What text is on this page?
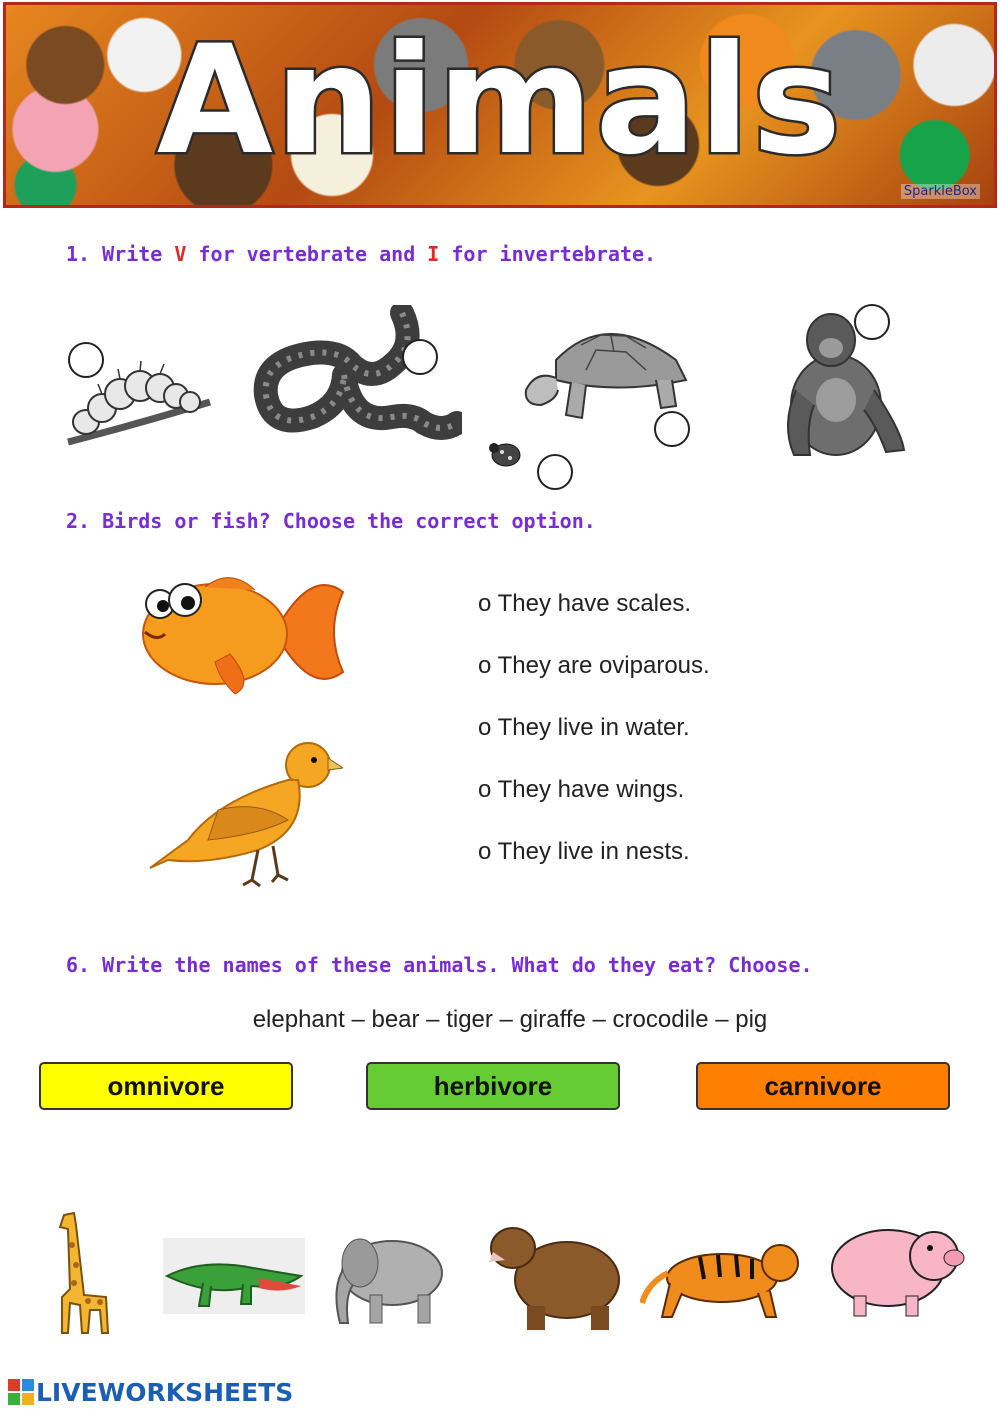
Animals
SparkleBox
1. Write V for vertebrate and I for invertebrate.
2. Birds or fish? Choose the correct option.
o They have scales.
o They are oviparous.
o They live in water.
o They have wings.
o They live in nests.
6. Write the names of these animals. What do they eat? Choose.
elephant – bear – tiger – giraffe – crocodile – pig
omnivore	herbivore	carnivore
LIVEWORKSHEETS
